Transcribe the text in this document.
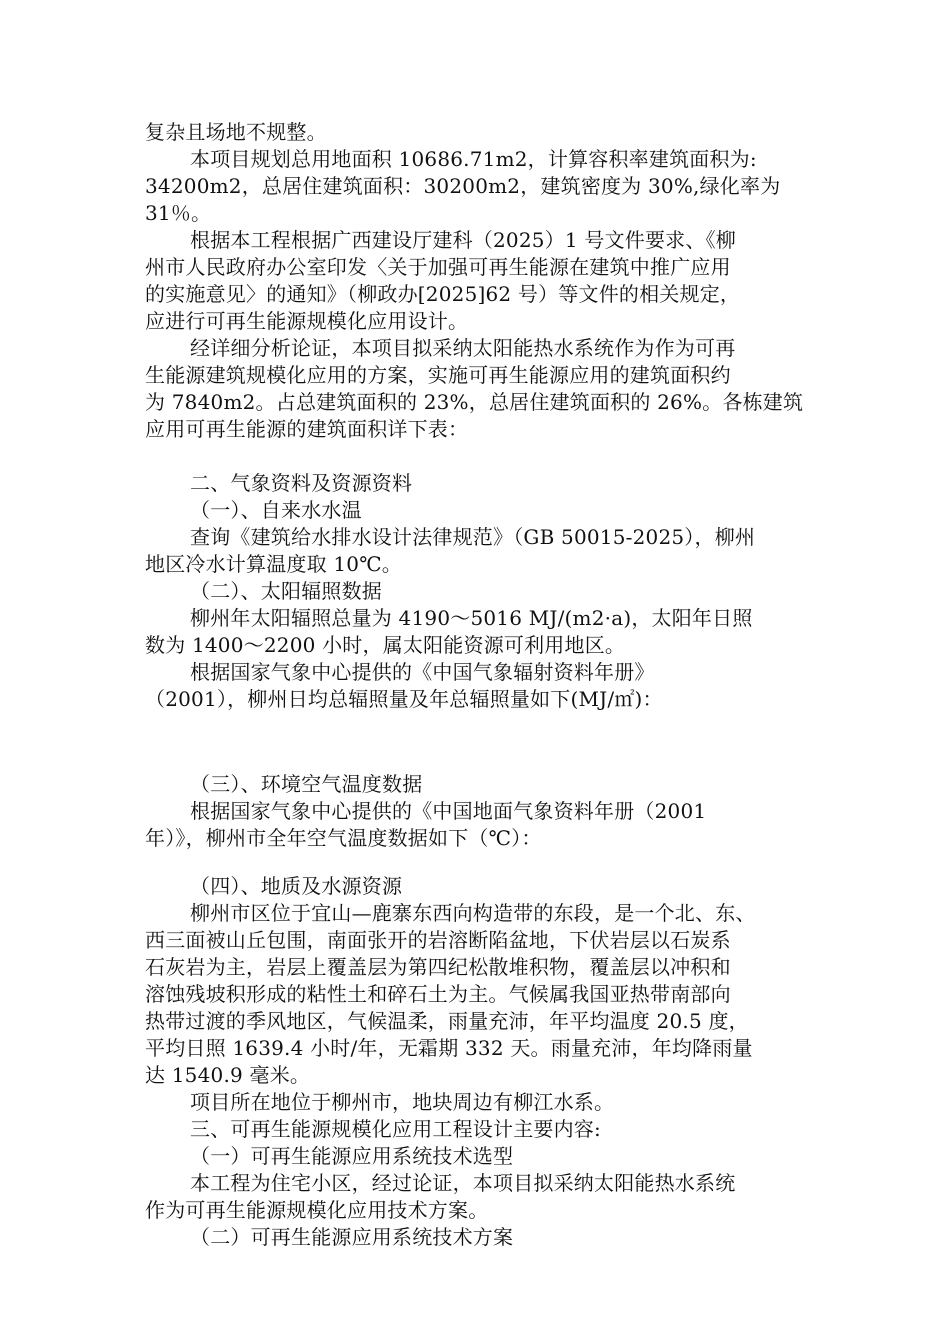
复杂且场地不规整。
本项目规划总用地面积 10686.71m2，计算容积率建筑面积为:
34200m2，总居住建筑面积：30200m2，建筑密度为 30%,绿化率为
31％。
根据本工程根据广西建设厅建科（2025）1 号文件要求、《柳
州市人民政府办公室印发〈关于加强可再生能源在建筑中推广应用
的实施意见〉的通知》（柳政办[2025]62 号）等文件的相关规定，
应进行可再生能源规模化应用设计。
经详细分析论证，本项目拟采纳太阳能热水系统作为作为可再
生能源建筑规模化应用的方案，实施可再生能源应用的建筑面积约
为 7840m2。占总建筑面积的 23%，总居住建筑面积的 26%。各栋建筑
应用可再生能源的建筑面积详下表：
二、气象资料及资源资料
（一）、自来水水温
查询《建筑给水排水设计法律规范》（GB 50015-2025），柳州
地区冷水计算温度取 10℃。
（二）、太阳辐照数据
柳州年太阳辐照总量为 4190～5016 MJ/(m2·a)，太阳年日照
数为 1400～2200 小时，属太阳能资源可利用地区。
根据国家气象中心提供的《中国气象辐射资料年册》
（2001），柳州日均总辐照量及年总辐照量如下(MJ/㎡)：
（三）、环境空气温度数据
根据国家气象中心提供的《中国地面气象资料年册（2001
年）》，柳州市全年空气温度数据如下（℃）：
（四）、地质及水源资源
柳州市区位于宜山—鹿寨东西向构造带的东段，是一个北、东、
西三面被山丘包围，南面张开的岩溶断陷盆地，下伏岩层以石炭系
石灰岩为主，岩层上覆盖层为第四纪松散堆积物，覆盖层以冲积和
溶蚀残坡积形成的粘性土和碎石土为主。气候属我国亚热带南部向
热带过渡的季风地区，气候温柔，雨量充沛，年平均温度 20.5 度，
平均日照 1639.4 小时/年，无霜期 332 天。雨量充沛，年均降雨量
达 1540.9 毫米。
项目所在地位于柳州市，地块周边有柳江水系。
三、可再生能源规模化应用工程设计主要内容:
（一）可再生能源应用系统技术选型
本工程为住宅小区，经过论证，本项目拟采纳太阳能热水系统
作为可再生能源规模化应用技术方案。
（二）可再生能源应用系统技术方案
